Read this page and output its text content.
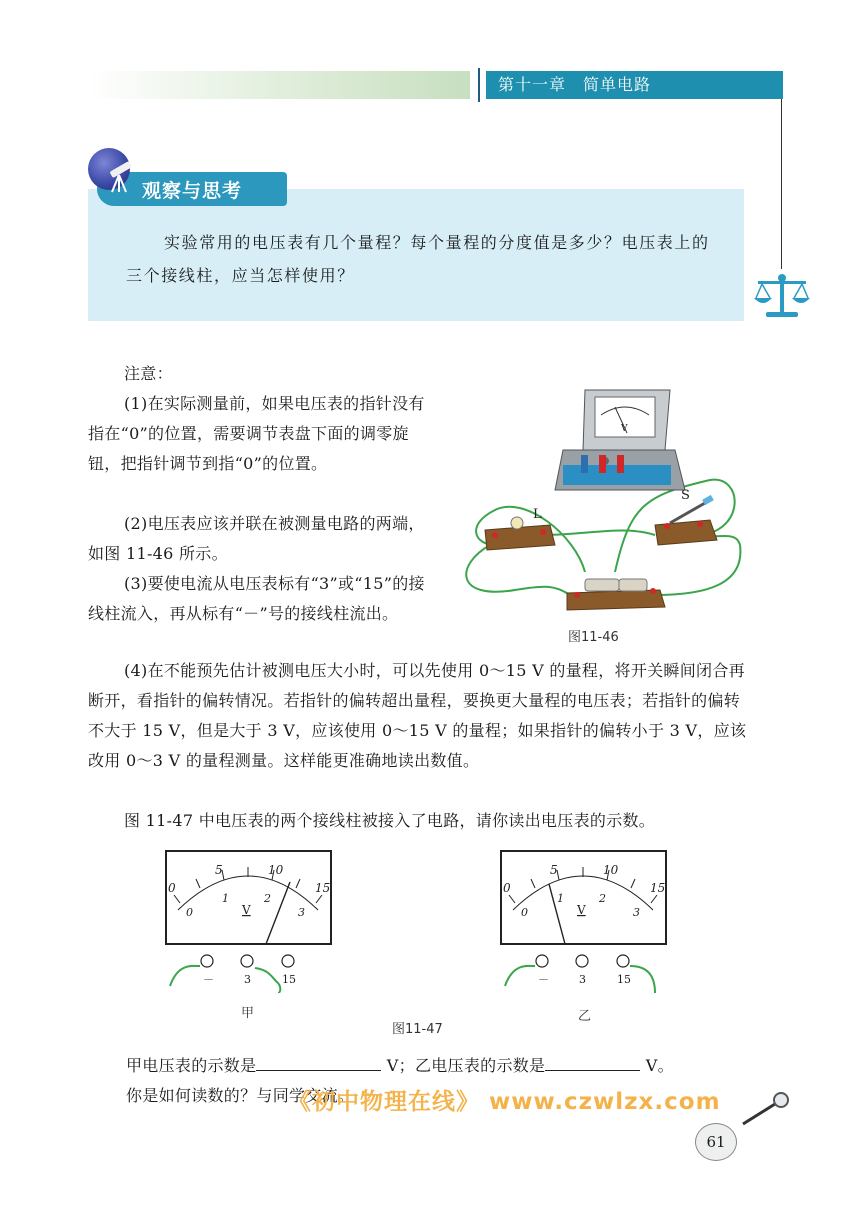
第十一章　简单电路
观察与思考
实验常用的电压表有几个量程？每个量程的分度值是多少？电压表上的三个接线柱，应当怎样使用？
注意：
(1)在实际测量前，如果电压表的指针没有指在“0”的位置，需要调节表盘下面的调零旋钮，把指针调节到指“0”的位置。
(2)电压表应该并联在被测量电路的两端，如图 11-46 所示。
(3)要使电流从电压表标有“3”或“15”的接线柱流入，再从标有“－”号的接线柱流出。
V
L
S
图11-46
(4)在不能预先估计被测电压大小时，可以先使用 0～15 V 的量程，将开关瞬间闭合再断开，看指针的偏转情况。若指针的偏转超出量程，要换更大量程的电压表；若指针的偏转不大于 15 V，但是大于 3 V，应该使用 0～15 V 的量程；如果指针的偏转小于 3 V，应该改用 0～3 V 的量程测量。这样能更准确地读出数值。
图 11-47 中电压表的两个接线柱被接入了电路，请你读出电压表的示数。
0
5	10
15
0
1	2
3
V
－	3	15
甲
0
5	10
15
0
1	2
3
V
－	3	15
乙
图11-47
甲电压表的示数是	V；乙电压表的示数是	V。
你是如何读数的？与同学交流。
《初中物理在线》 www.czwlzx.com
61
